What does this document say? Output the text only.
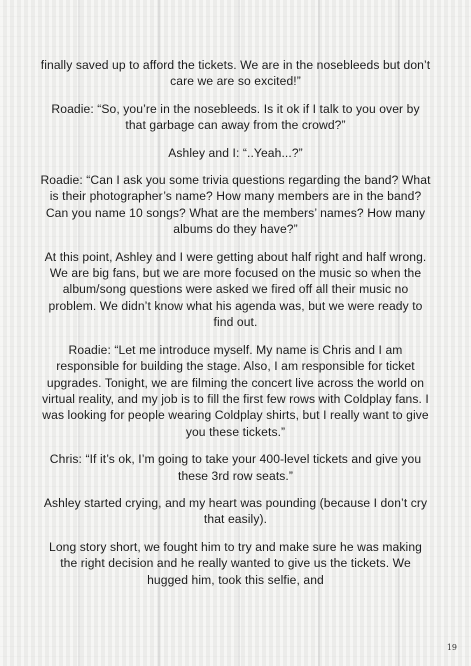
finally saved up to afford the tickets. We are in the nosebleeds but don’t care we are so excited!”

Roadie: “So, you’re in the nosebleeds. Is it ok if I talk to you over by that garbage can away from the crowd?”

Ashley and I: “..Yeah...?”

Roadie: “Can I ask you some trivia questions regarding the band? What is their photographer’s name? How many members are in the band? Can you name 10 songs? What are the members’ names? How many albums do they have?”

At this point, Ashley and I were getting about half right and half wrong. We are big fans, but we are more focused on the music so when the album/song questions were asked we fired off all their music no problem. We didn’t know what his agenda was, but we were ready to find out.

Roadie: “Let me introduce myself. My name is Chris and I am responsible for building the stage. Also, I am responsible for ticket upgrades. Tonight, we are filming the concert live across the world on virtual reality, and my job is to fill the first few rows with Coldplay fans. I was looking for people wearing Coldplay shirts, but I really want to give you these tickets.”

Chris: “If it’s ok, I’m going to take your 400-level tickets and give you these 3rd row seats.”

Ashley started crying, and my heart was pounding (because I don’t cry that easily).

Long story short, we fought him to try and make sure he was making the right decision and he really wanted to give us the tickets. We hugged him, took this selfie, and

19
